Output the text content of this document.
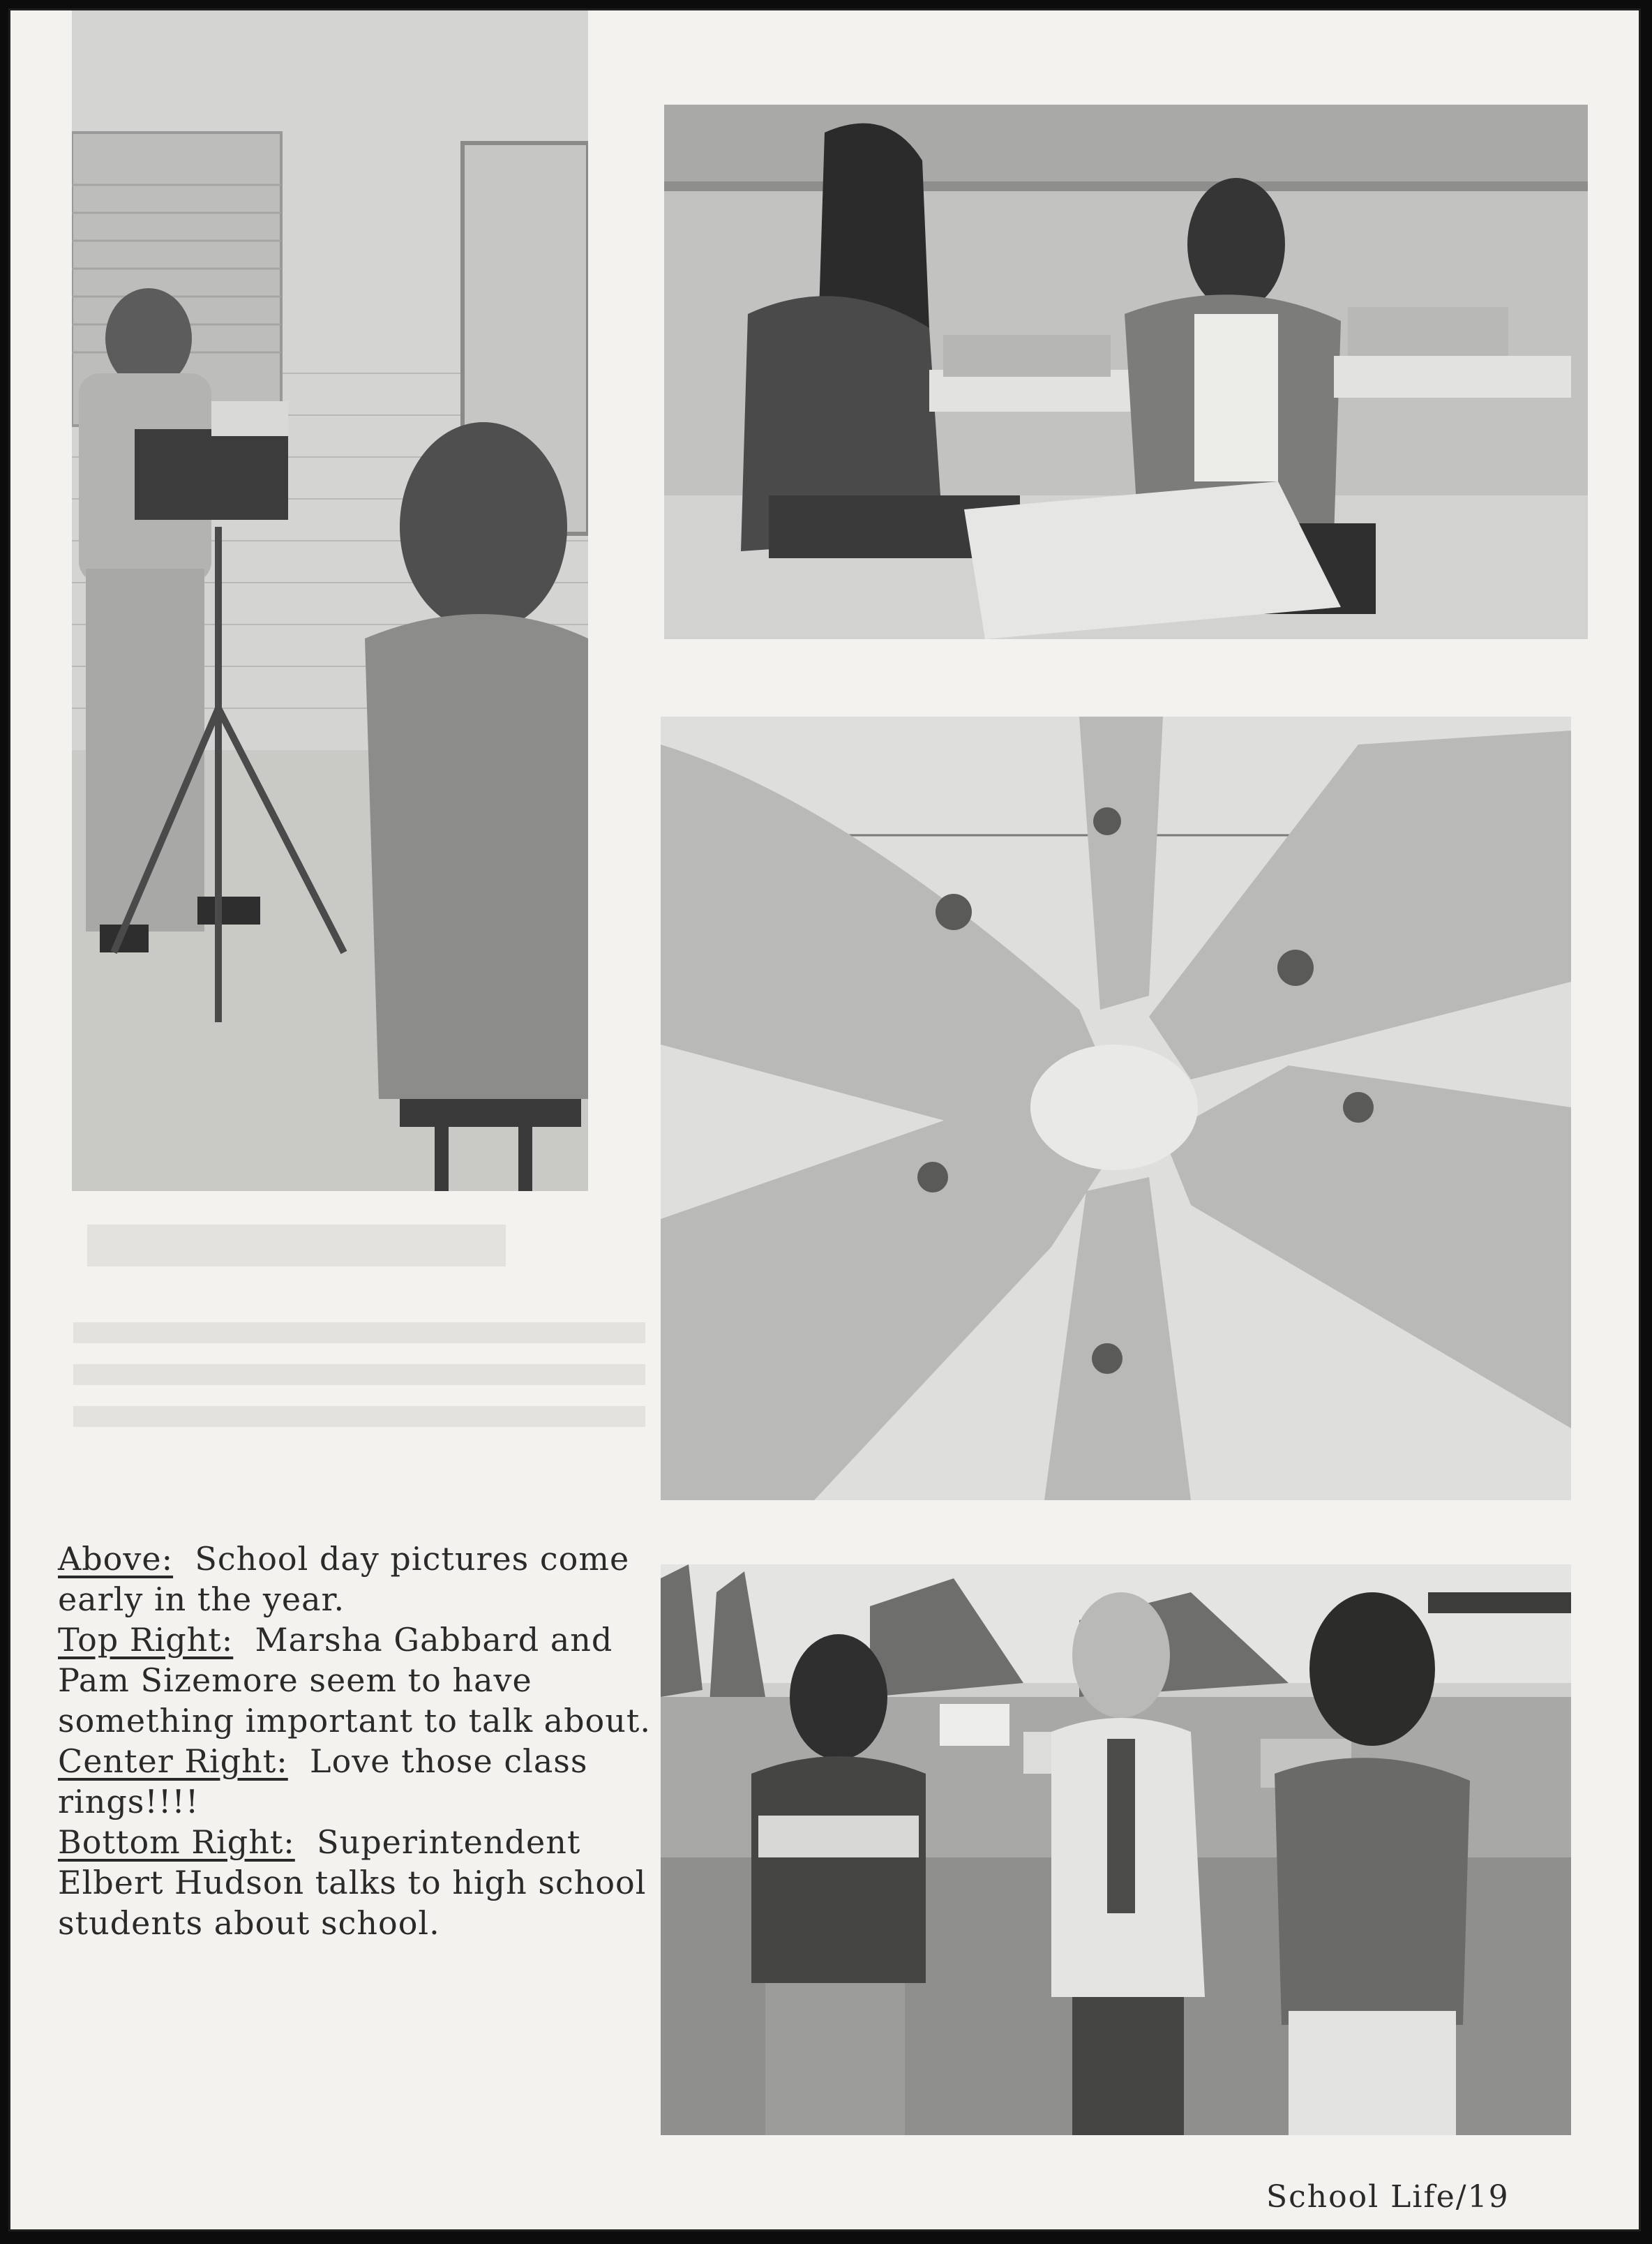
Above: School day pictures come early in the year.

Top Right: Marsha Gabbard and Pam Sizemore seem to have something important to talk about.

Center Right: Love those class rings!!!!

Bottom Right: Superintendent Elbert Hudson talks to high school students about school.

School Life/19
